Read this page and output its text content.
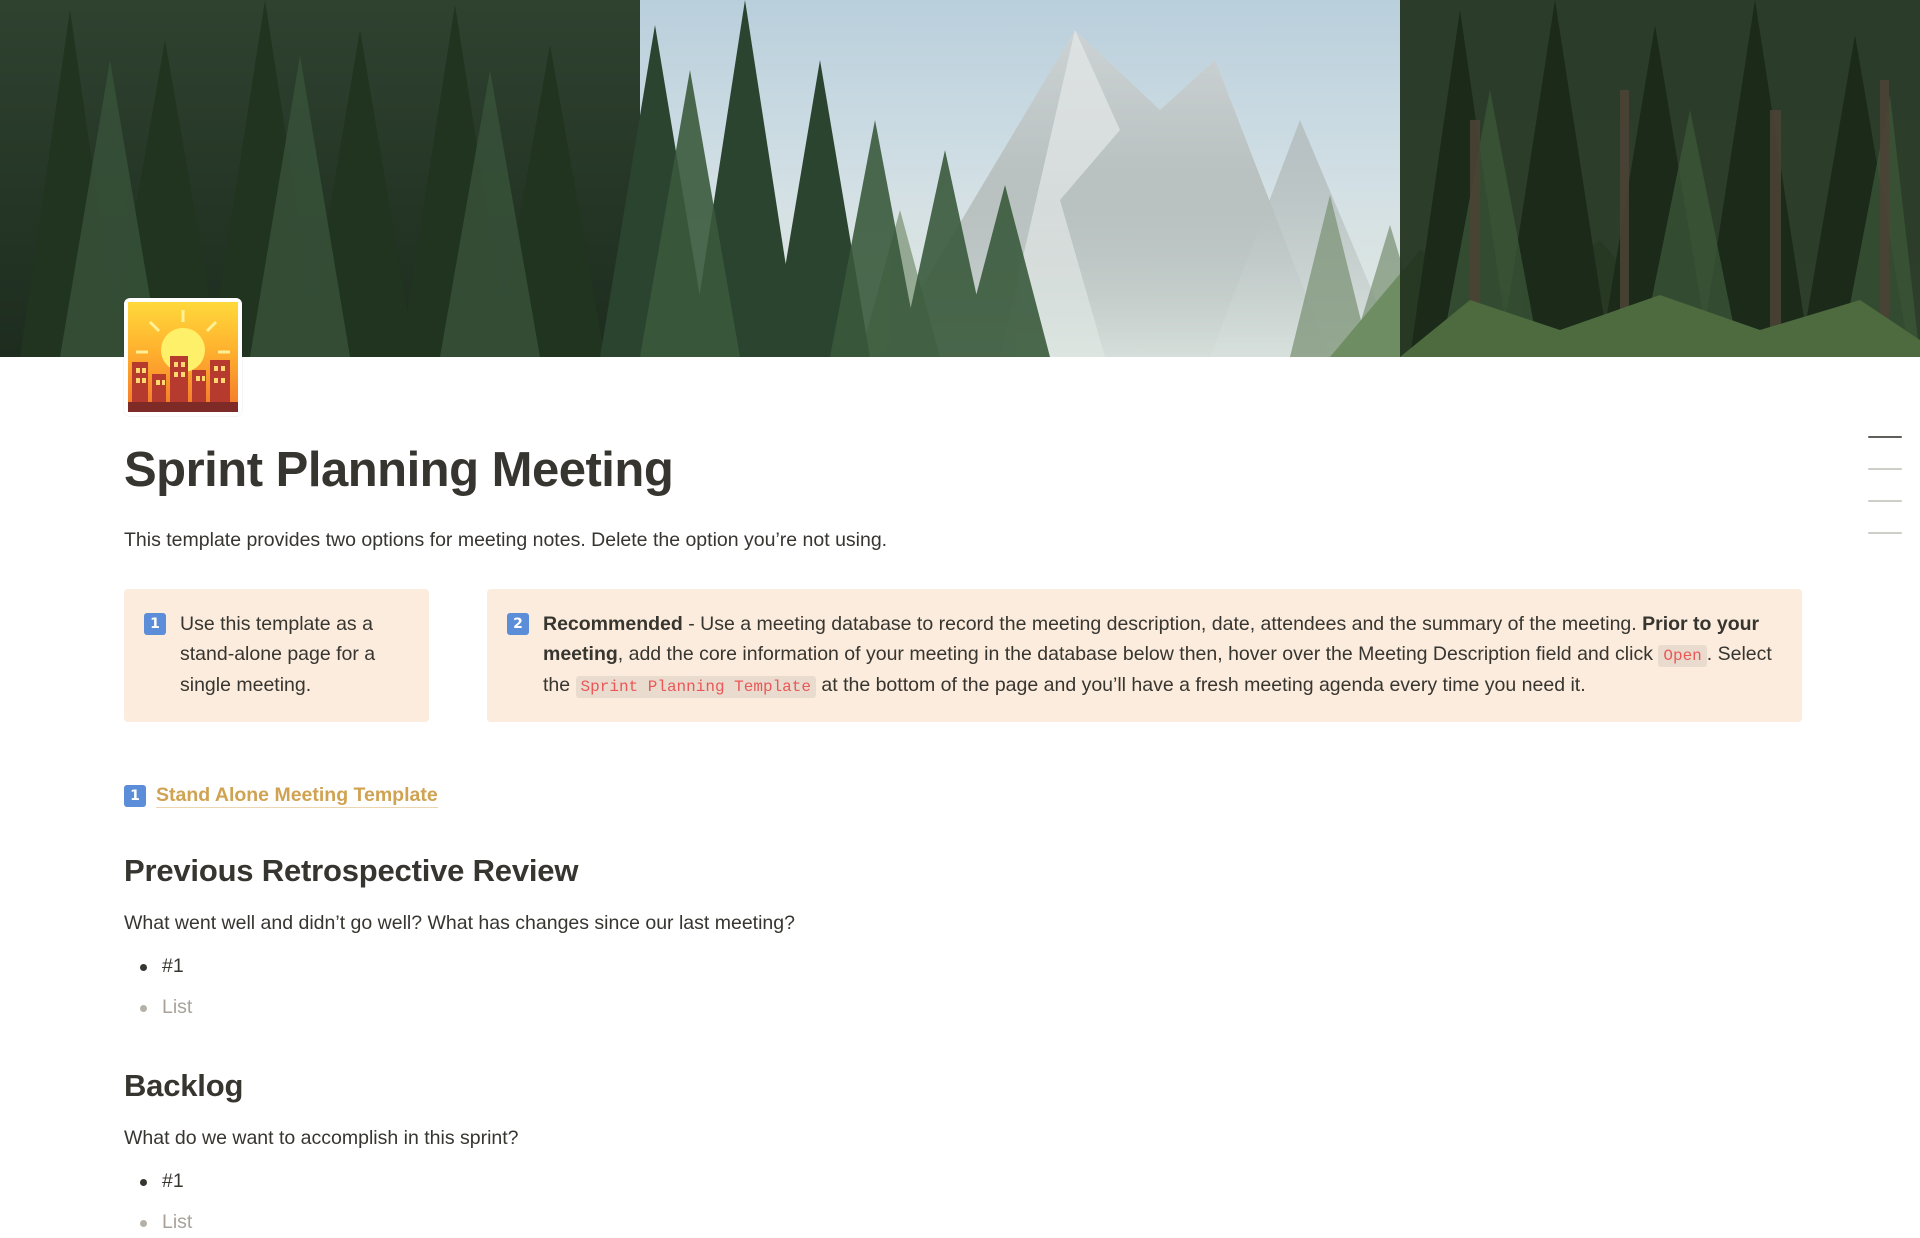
Sprint Planning Meeting

This template provides two options for meeting notes. Delete the option you’re not using.

1	Use this template as a stand-alone page for a single meeting.
2	Recommended - Use a meeting database to record the meeting description, date, attendees and the summary of the meeting. Prior to your meeting, add the core information of your meeting in the database below then, hover over the Meeting Description field and click Open . Select the Sprint Planning Template at the bottom of the page and you’ll have a fresh meeting agenda every time you need it.
1 Stand Alone Meeting Template
Previous Retrospective Review

What went well and didn’t go well? What has changes since our last meeting?

#1
List
Backlog

What do we want to accomplish in this sprint?

#1
List
